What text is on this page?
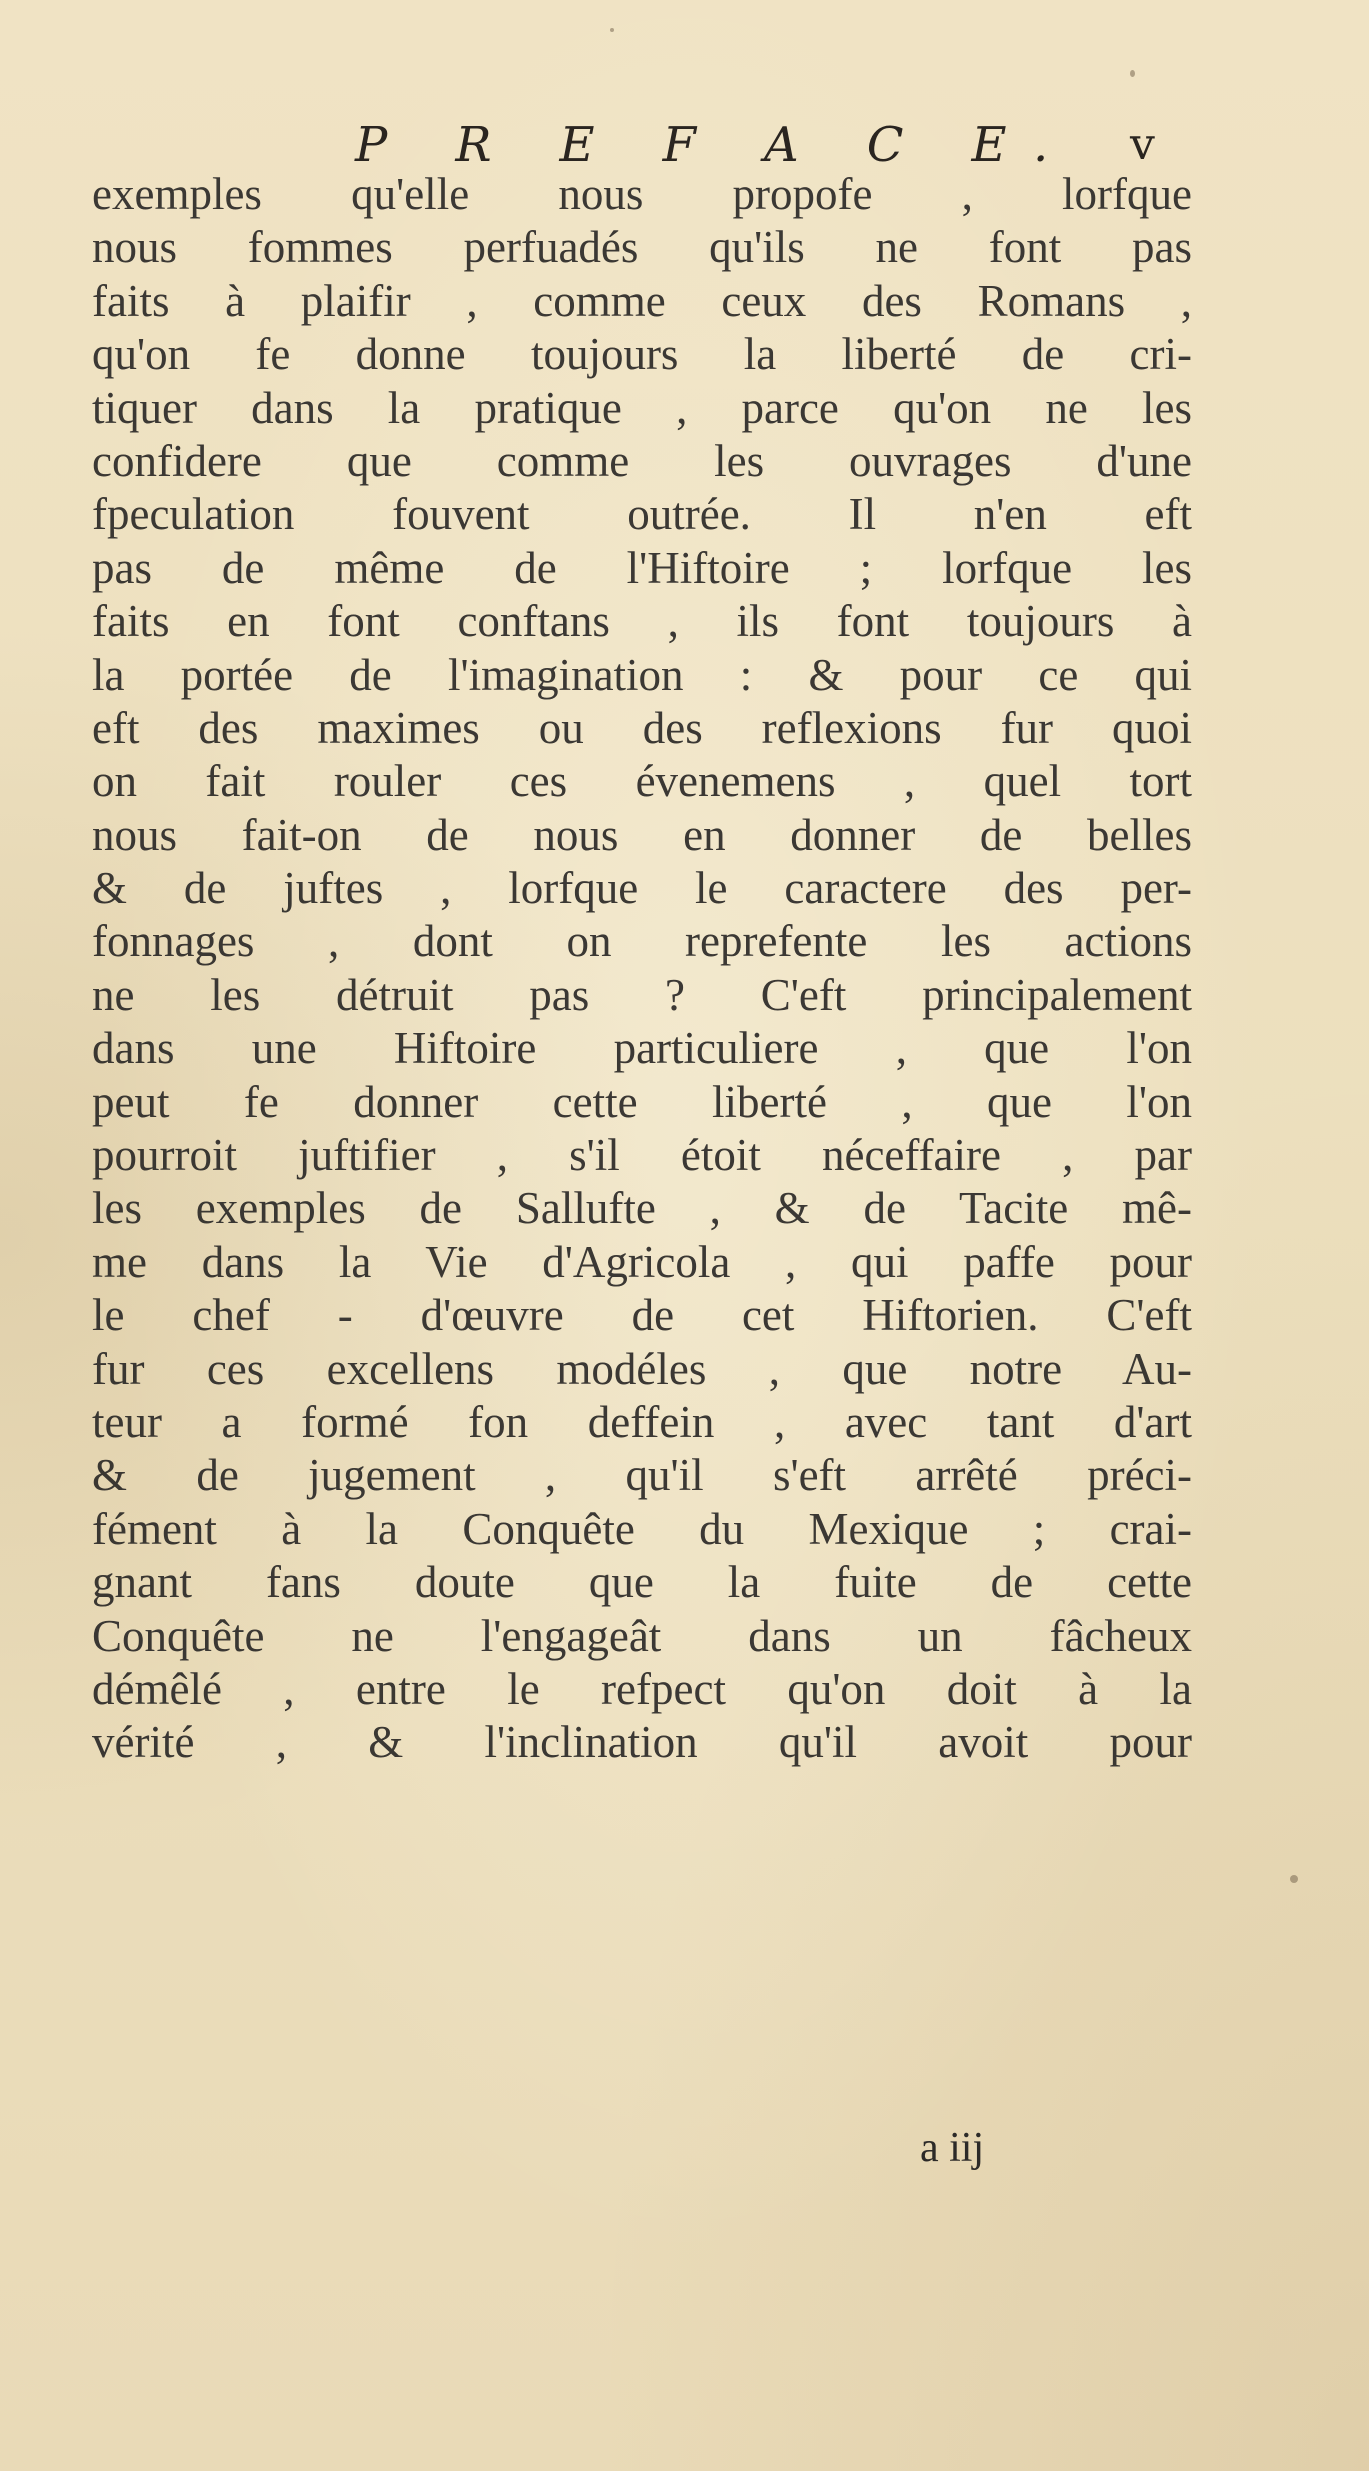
P R E F A C E. v
exemples qu'elle nous propofe , lorfque
nous fommes perfuadés qu'ils ne font pas
faits à plaifir , comme ceux des Romans ,
qu'on fe donne toujours la liberté de cri-
tiquer dans la pratique , parce qu'on ne les
confidere que comme les ouvrages d'une
fpeculation fouvent outrée. Il n'en eft
pas de même de l'Hiftoire ; lorfque les
faits en font conftans , ils font toujours à
la portée de l'imagination : & pour ce qui
eft des maximes ou des reflexions fur quoi
on fait rouler ces évenemens , quel tort
nous fait-on de nous en donner de belles
& de juftes , lorfque le caractere des per-
fonnages , dont on reprefente les actions
ne les détruit pas ? C'eft principalement
dans une Hiftoire particuliere , que l'on
peut fe donner cette liberté , que l'on
pourroit juftifier , s'il étoit néceffaire , par
les exemples de Sallufte , & de Tacite mê-
me dans la Vie d'Agricola , qui paffe pour
le chef - d'œuvre de cet Hiftorien. C'eft
fur ces excellens modéles , que notre Au-
teur a formé fon deffein , avec tant d'art
& de jugement , qu'il s'eft arrêté préci-
fément à la Conquête du Mexique ; crai-
gnant fans doute que la fuite de cette
Conquête ne l'engageât dans un fâcheux
démêlé , entre le refpect qu'on doit à la
vérité , & l'inclination qu'il avoit pour
a iij
